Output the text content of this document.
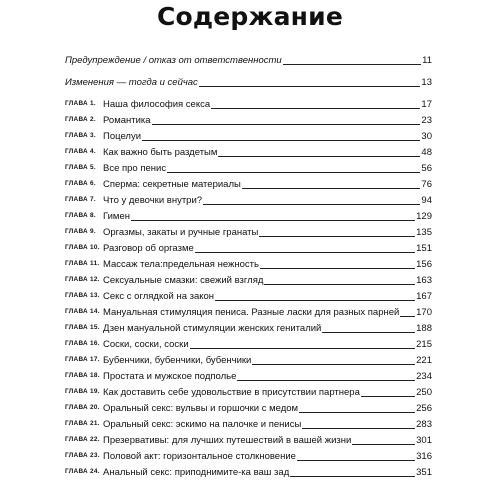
Содержание
Предупреждение / отказ от ответственности	11
Изменения — тогда и сейчас	13
ГЛАВА 1. Наша философия секса	17
ГЛАВА 2. Романтика	23
ГЛАВА 3. Поцелуи	30
ГЛАВА 4. Как важно быть раздетым	48
ГЛАВА 5. Все про пенис	56
ГЛАВА 6. Сперма: секретные материалы	76
ГЛАВА 7. Что у девочки внутри?	94
ГЛАВА 8. Гимен	129
ГЛАВА 9. Оргазмы, закаты и ручные гранаты	135
ГЛАВА 10. Разговор об оргазме	151
ГЛАВА 11. Массаж тела:предельная нежность	156
ГЛАВА 12. Сексуальные смазки: свежий взгляд	163
ГЛАВА 13. Секс с оглядкой на закон	167
ГЛАВА 14. Мануальная стимуляция пениса. Разные ласки для разных парней 170
ГЛАВА 15. Дзен мануальной стимуляции женских гениталий	188
ГЛАВА 16. Соски, соски, соски	215
ГЛАВА 17. Бубенчики, бубенчики, бубенчики	221
ГЛАВА 18. Простата и мужское подполье	234
ГЛАВА 19. Как доставить себе удовольствие в присутствии партнера	250
ГЛАВА 20. Оральный секс: вульвы и горшочки с медом	256
ГЛАВА 21. Оральный секс: эскимо на палочке и пенисы	283
ГЛАВА 22. Презервативы: для лучших путешествий в вашей жизни	301
ГЛАВА 23. Половой акт: горизонтальное столкновение	316
ГЛАВА 24. Анальный секс: приподнимите-ка ваш зад	351
